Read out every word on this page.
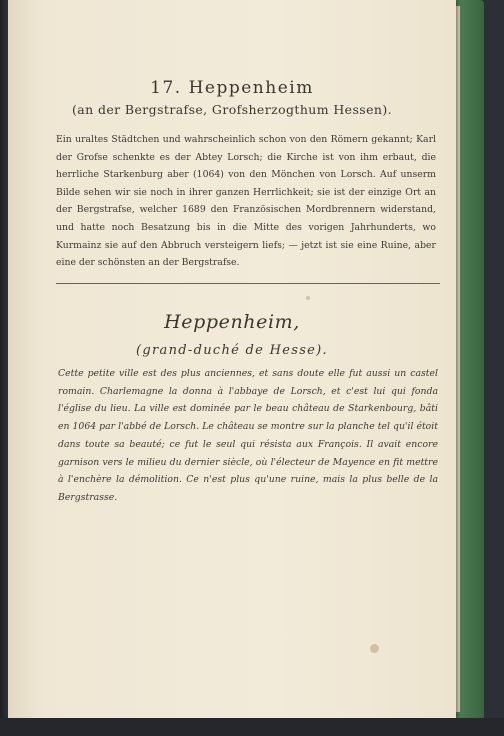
17. Heppenheim
(an der Bergstrafse, Grofsherzogthum Hessen).
Ein uraltes Städtchen und wahrscheinlich schon von den Römern gekannt; Karl der Grofse schenkte es der Abtey Lorsch; die Kirche ist von ihm erbaut, die herrliche Starkenburg aber (1064) von den Mönchen von Lorsch. Auf unserm Bilde sehen wir sie noch in ihrer ganzen Herrlichkeit; sie ist der einzige Ort an der Bergstrafse, welcher 1689 den Französischen Mordbrennern widerstand, und hatte noch Besatzung bis in die Mitte des vorigen Jahrhunderts, wo Kurmainz sie auf den Abbruch versteigern liefs; — jetzt ist sie eine Ruine, aber eine der schönsten an der Bergstrafse.
Heppenheim,
(grand-duché de Hesse).
Cette petite ville est des plus anciennes, et sans doute elle fut aussi un castel romain. Charlemagne la donna à l'abbaye de Lorsch, et c'est lui qui fonda l'église du lieu. La ville est dominée par le beau château de Starkenbourg, bâti en 1064 par l'abbé de Lorsch. Le château se montre sur la planche tel qu'il étoit dans toute sa beauté; ce fut le seul qui résista aux François. Il avait encore garnison vers le milieu du dernier siècle, où l'électeur de Mayence en fit mettre à l'enchère la démolition. Ce n'est plus qu'une ruine, mais la plus belle de la Bergstrasse.
